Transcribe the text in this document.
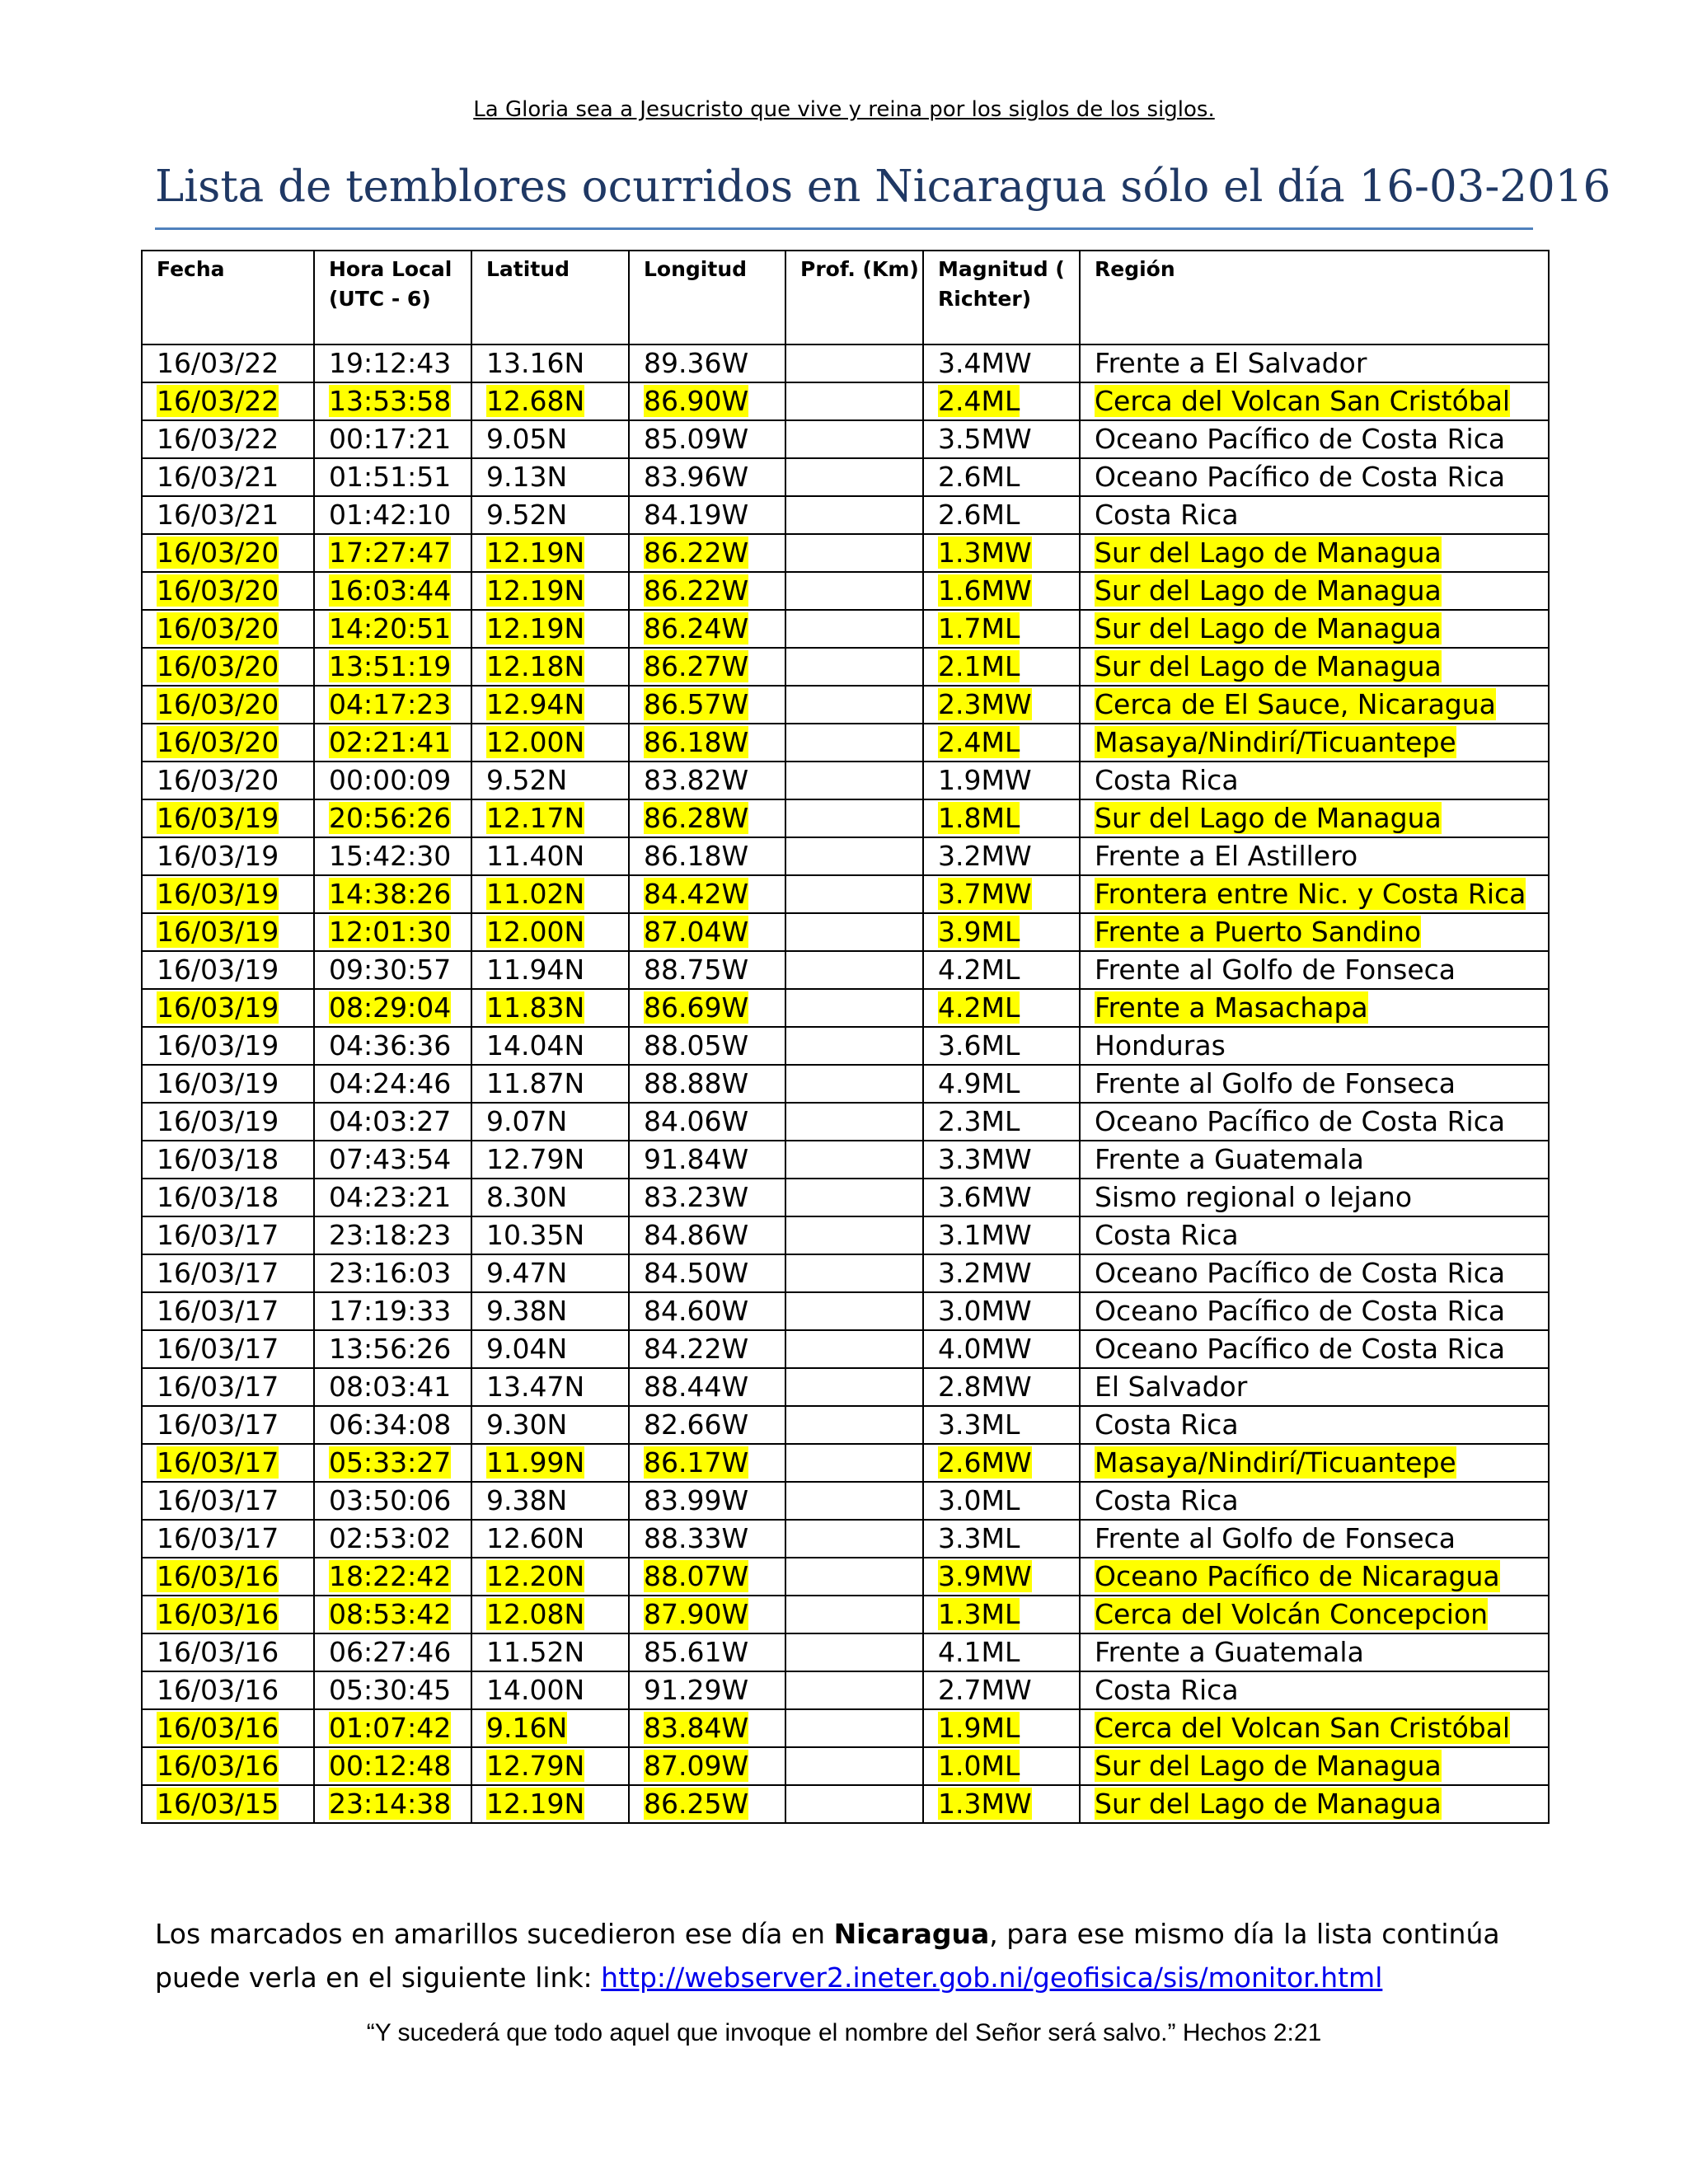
La Gloria sea a Jesucristo que vive y reina por los siglos de los siglos.
Lista de temblores ocurridos en Nicaragua sólo el día 16-03-2016
Fecha	Hora Local (UTC - 6)	Latitud	Longitud	Prof. (Km)	Magnitud ( Richter)	Región
16/03/22	19:12:43	13.16N	89.36W		3.4MW	Frente a El Salvador
16/03/22	13:53:58	12.68N	86.90W		2.4ML	Cerca del Volcan San Cristóbal
16/03/22	00:17:21	9.05N	85.09W		3.5MW	Oceano Pacífico de Costa Rica
16/03/21	01:51:51	9.13N	83.96W		2.6ML	Oceano Pacífico de Costa Rica
16/03/21	01:42:10	9.52N	84.19W		2.6ML	Costa Rica
16/03/20	17:27:47	12.19N	86.22W		1.3MW	Sur del Lago de Managua
16/03/20	16:03:44	12.19N	86.22W		1.6MW	Sur del Lago de Managua
16/03/20	14:20:51	12.19N	86.24W		1.7ML	Sur del Lago de Managua
16/03/20	13:51:19	12.18N	86.27W		2.1ML	Sur del Lago de Managua
16/03/20	04:17:23	12.94N	86.57W		2.3MW	Cerca de El Sauce, Nicaragua
16/03/20	02:21:41	12.00N	86.18W		2.4ML	Masaya/Nindirí/Ticuantepe
16/03/20	00:00:09	9.52N	83.82W		1.9MW	Costa Rica
16/03/19	20:56:26	12.17N	86.28W		1.8ML	Sur del Lago de Managua
16/03/19	15:42:30	11.40N	86.18W		3.2MW	Frente a El Astillero
16/03/19	14:38:26	11.02N	84.42W		3.7MW	Frontera entre Nic. y Costa Rica
16/03/19	12:01:30	12.00N	87.04W		3.9ML	Frente a Puerto Sandino
16/03/19	09:30:57	11.94N	88.75W		4.2ML	Frente al Golfo de Fonseca
16/03/19	08:29:04	11.83N	86.69W		4.2ML	Frente a Masachapa
16/03/19	04:36:36	14.04N	88.05W		3.6ML	Honduras
16/03/19	04:24:46	11.87N	88.88W		4.9ML	Frente al Golfo de Fonseca
16/03/19	04:03:27	9.07N	84.06W		2.3ML	Oceano Pacífico de Costa Rica
16/03/18	07:43:54	12.79N	91.84W		3.3MW	Frente a Guatemala
16/03/18	04:23:21	8.30N	83.23W		3.6MW	Sismo regional o lejano
16/03/17	23:18:23	10.35N	84.86W		3.1MW	Costa Rica
16/03/17	23:16:03	9.47N	84.50W		3.2MW	Oceano Pacífico de Costa Rica
16/03/17	17:19:33	9.38N	84.60W		3.0MW	Oceano Pacífico de Costa Rica
16/03/17	13:56:26	9.04N	84.22W		4.0MW	Oceano Pacífico de Costa Rica
16/03/17	08:03:41	13.47N	88.44W		2.8MW	El Salvador
16/03/17	06:34:08	9.30N	82.66W		3.3ML	Costa Rica
16/03/17	05:33:27	11.99N	86.17W		2.6MW	Masaya/Nindirí/Ticuantepe
16/03/17	03:50:06	9.38N	83.99W		3.0ML	Costa Rica
16/03/17	02:53:02	12.60N	88.33W		3.3ML	Frente al Golfo de Fonseca
16/03/16	18:22:42	12.20N	88.07W		3.9MW	Oceano Pacífico de Nicaragua
16/03/16	08:53:42	12.08N	87.90W		1.3ML	Cerca del Volcán Concepcion
16/03/16	06:27:46	11.52N	85.61W		4.1ML	Frente a Guatemala
16/03/16	05:30:45	14.00N	91.29W		2.7MW	Costa Rica
16/03/16	01:07:42	9.16N	83.84W		1.9ML	Cerca del Volcan San Cristóbal
16/03/16	00:12:48	12.79N	87.09W		1.0ML	Sur del Lago de Managua
16/03/15	23:14:38	12.19N	86.25W		1.3MW	Sur del Lago de Managua

Los marcados en amarillos sucedieron ese día en Nicaragua, para ese mismo día la lista continúa puede verla en el siguiente link: http://webserver2.ineter.gob.ni/geofisica/sis/monitor.html

“Y sucederá que todo aquel que invoque el nombre del Señor será salvo.” Hechos 2:21
